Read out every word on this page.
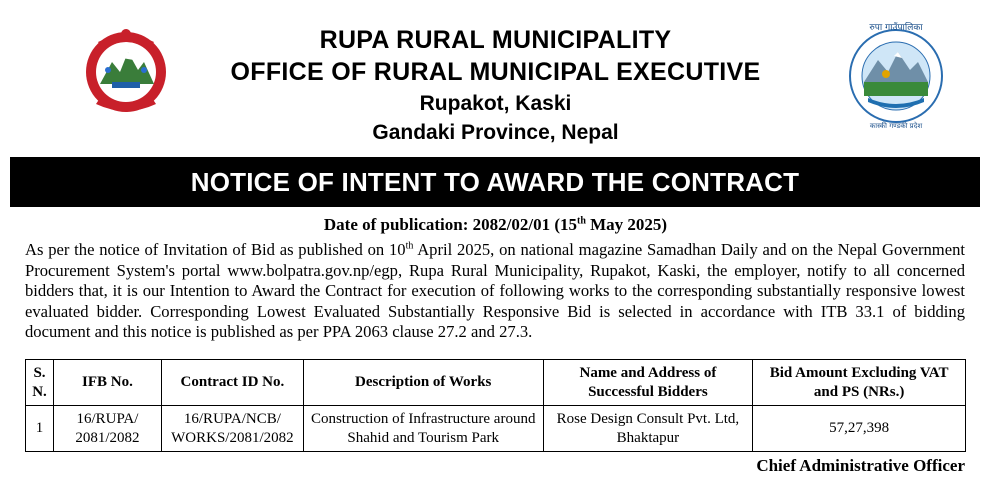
RUPA RURAL MUNICIPALITY
OFFICE OF RURAL MUNICIPAL EXECUTIVE
Rupakot, Kaski
Gandaki Province, Nepal
रुपा गाउँपालिका
कास्की गण्डकी प्रदेश
NOTICE OF INTENT TO AWARD THE CONTRACT
Date of publication: 2082/02/01 (15th May 2025)
As per the notice of Invitation of Bid as published on 10th April 2025, on national magazine Samadhan Daily and on the Nepal Government Procurement System's portal www.bolpatra.gov.np/egp, Rupa Rural Municipality, Rupakot, Kaski, the employer, notify to all concerned bidders that, it is our Intention to Award the Contract for execution of following works to the corresponding substantially responsive lowest evaluated bidder. Corresponding Lowest Evaluated Substantially Responsive Bid is selected in accordance with ITB 33.1 of bidding document and this notice is published as per PPA 2063 clause 27.2 and 27.3.
S. N.	IFB No.	Contract ID No.	Description of Works	Name and Address of Successful Bidders	Bid Amount Excluding VAT and PS (NRs.)
1	16/RUPA/ 2081/2082	16/RUPA/NCB/ WORKS/2081/2082	Construction of Infrastructure around Shahid and Tourism Park	Rose Design Consult Pvt. Ltd, Bhaktapur	57,27,398
Chief Administrative Officer
